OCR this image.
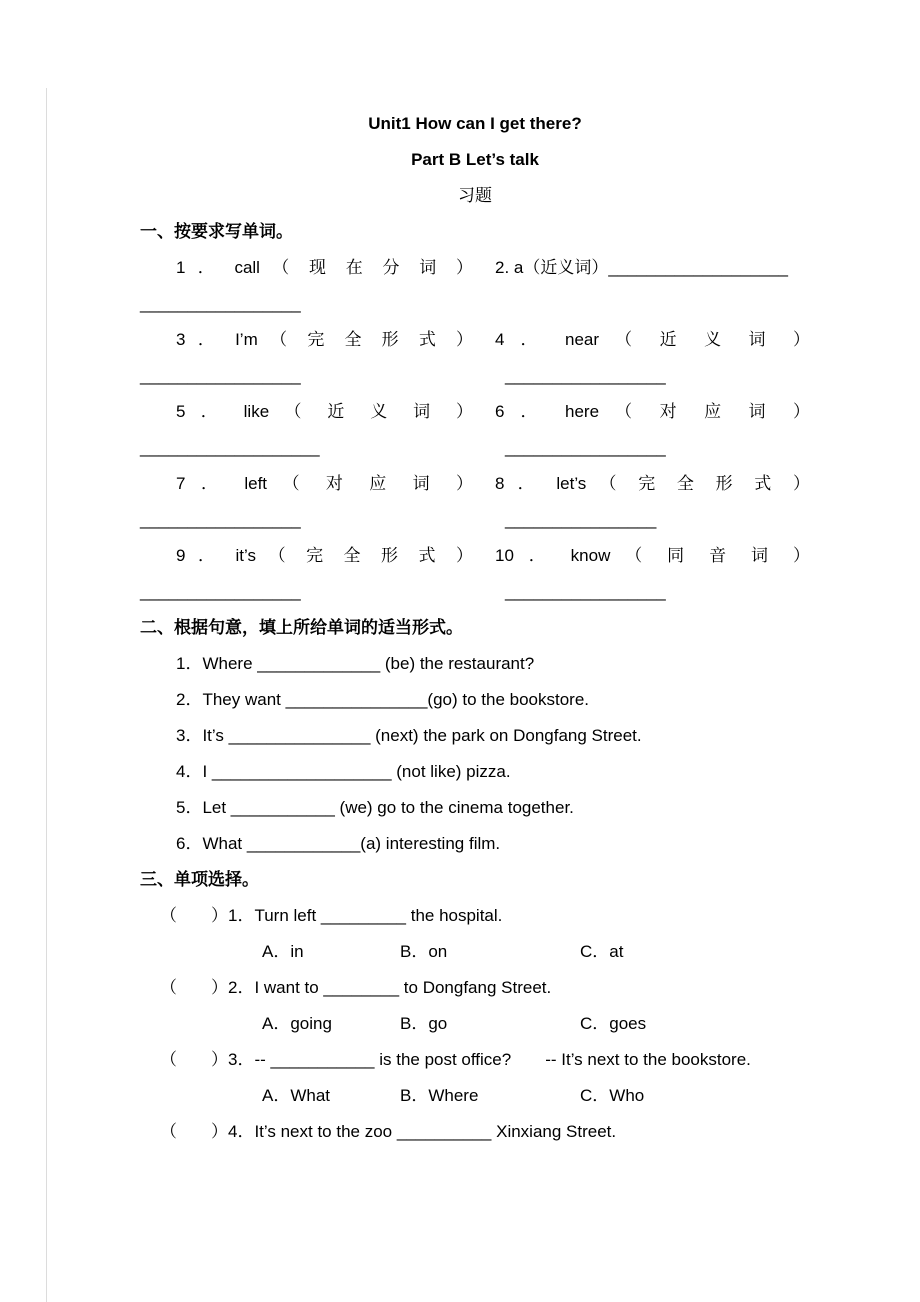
Unit1 How can I get there?
Part B Let’s talk
习题
一、按要求写单词。
1 ． call （ 现 在 分 词 ）	2. a（近义词）___________________
_________________
3 ． I’m （ 完 全 形 式 ）	4 ． near （ 近 义 词 ）
_________________	_________________
5 ． like （ 近 义 词 ）	6 ． here （ 对 应 词 ）
___________________	_________________
7 ． left （ 对 应 词 ）	8 ． let’s （ 完 全 形 式 ）
_________________	________________
9 ． it’s （ 完 全 形 式 ）	10 ． know （ 同 音 词 ）
_________________	_________________
二、根据句意，填上所给单词的适当形式。
1．Where _____________ (be) the restaurant?
2．They want _______________(go) to the bookstore.
3．It’s _______________ (next) the park on Dongfang Street.
4．I ___________________ (not like) pizza.
5．Let ___________ (we) go to the cinema together.
6．What ____________(a) interesting film.
三、单项选择。
（　　）1．Turn left _________ the hospital.
A．in	B．on	C．at
（　　）2．I want to ________ to Dongfang Street.
A．going	B．go	C．goes
（　　）3．-- ___________ is the post office?　　-- It’s next to the bookstore.
A．What	B．Where	C．Who
（　　）4．It’s next to the zoo __________ Xinxiang Street.
